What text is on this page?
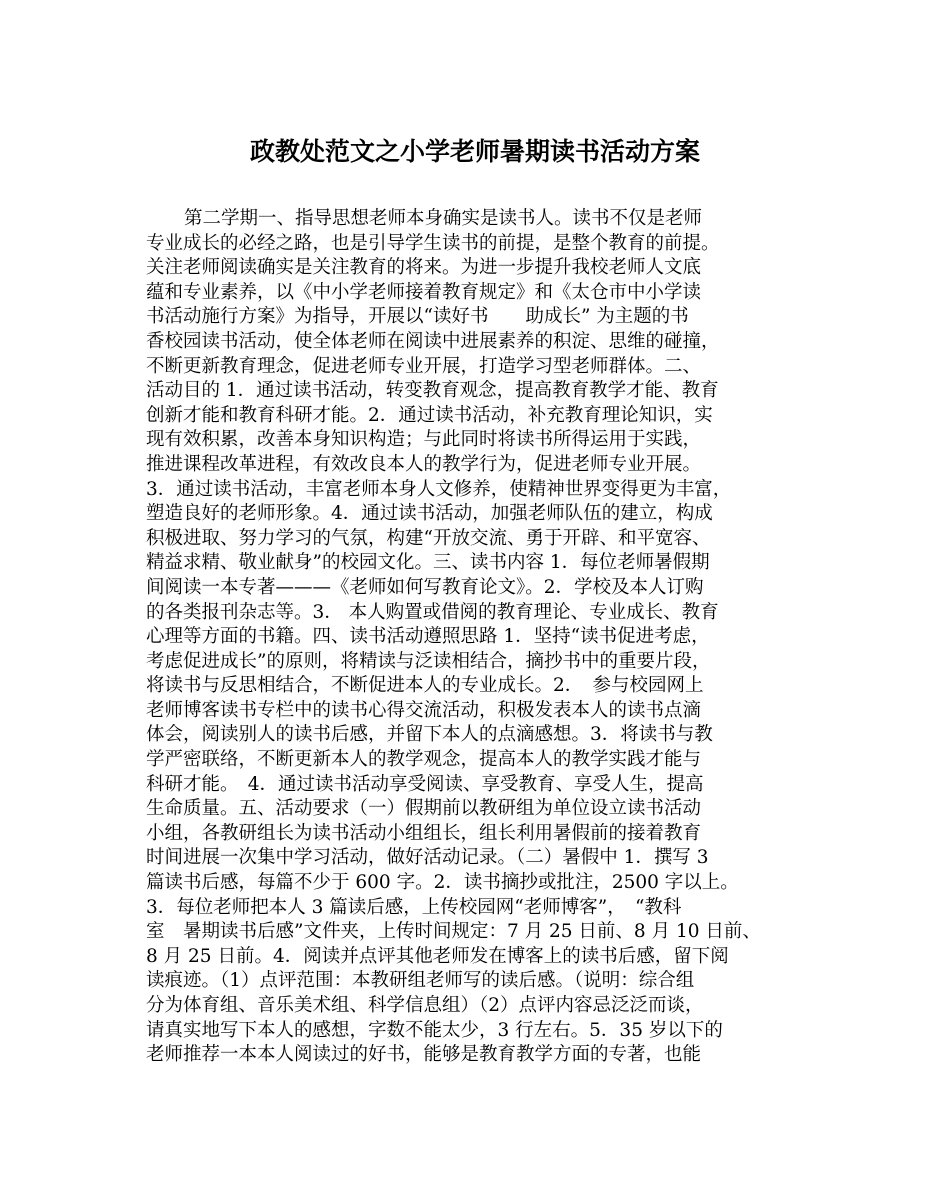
政教处范文之小学老师暑期读书活动方案
第二学期一、指导思想老师本身确实是读书人。读书不仅是老师
专业成长的必经之路，也是引导学生读书的前提，是整个教育的前提。
关注老师阅读确实是关注教育的将来。为进一步提升我校老师人文底
蕴和专业素养，以《中小学老师接着教育规定》和《太仓市中小学读
书活动施行方案》为指导，开展以“读好书　　助成长” 为主题的书
香校园读书活动，使全体老师在阅读中进展素养的积淀、思维的碰撞，
不断更新教育理念，促进老师专业开展，打造学习型老师群体。二、
活动目的 1．通过读书活动，转变教育观念，提高教育教学才能、教育
创新才能和教育科研才能。2．通过读书活动，补充教育理论知识，实
现有效积累，改善本身知识构造；与此同时将读书所得运用于实践，
推进课程改革进程，有效改良本人的教学行为，促进老师专业开展。
3．通过读书活动，丰富老师本身人文修养，使精神世界变得更为丰富，
塑造良好的老师形象。4．通过读书活动，加强老师队伍的建立，构成
积极进取、努力学习的气氛，构建“开放交流、勇于开辟、和平宽容、
精益求精、敬业献身”的校园文化。三、读书内容 1．每位老师暑假期
间阅读一本专著———《老师如何写教育论文》。2．学校及本人订购
的各类报刊杂志等。3． 本人购置或借阅的教育理论、专业成长、教育
心理等方面的书籍。四、读书活动遵照思路 1．坚持“读书促进考虑，
考虑促进成长”的原则，将精读与泛读相结合，摘抄书中的重要片段，
将读书与反思相结合，不断促进本人的专业成长。2．　参与校园网上
老师博客读书专栏中的读书心得交流活动，积极发表本人的读书点滴
体会，阅读别人的读书后感，并留下本人的点滴感想。3．将读书与教
学严密联络，不断更新本人的教学观念，提高本人的教学实践才能与
科研才能。　4．通过读书活动享受阅读、享受教育、享受人生，提高
生命质量。五、活动要求（一）假期前以教研组为单位设立读书活动
小组，各教研组长为读书活动小组组长，组长利用暑假前的接着教育
时间进展一次集中学习活动，做好活动记录。（二）暑假中 1．撰写 3
篇读书后感，每篇不少于 600 字。2．读书摘抄或批注，2500 字以上。
3．每位老师把本人 3 篇读后感，上传校园网“老师博客”，　“教科
室　暑期读书后感”文件夹，上传时间规定：7 月 25 日前、8 月 10 日前、
8 月 25 日前。4．阅读并点评其他老师发在博客上的读书后感，留下阅
读痕迹。（1）点评范围：本教研组老师写的读后感。（说明：综合组
分为体育组、音乐美术组、科学信息组）（2）点评内容忌泛泛而谈，
请真实地写下本人的感想，字数不能太少，3 行左右。5．35 岁以下的
老师推荐一本本人阅读过的好书，能够是教育教学方面的专著，也能
